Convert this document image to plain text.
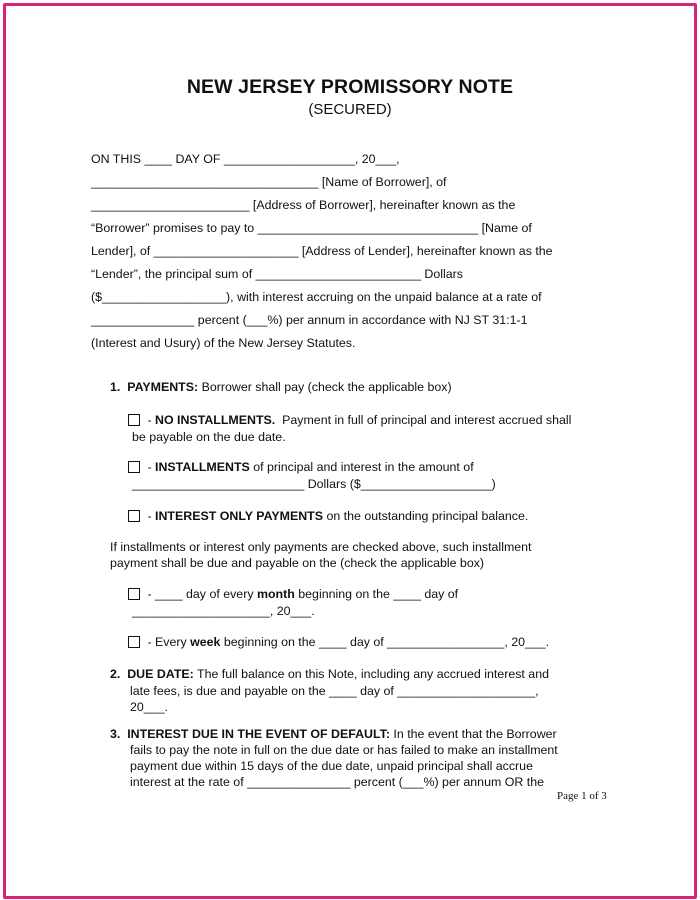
NEW JERSEY PROMISSORY NOTE
(SECURED)
ON THIS ____ DAY OF ___________________, 20___,
_________________________________ [Name of Borrower], of
_______________________ [Address of Borrower], hereinafter known as the
“Borrower” promises to pay to ________________________________ [Name of
Lender], of _____________________ [Address of Lender], hereinafter known as the
“Lender”, the principal sum of ________________________ Dollars
($__________________), with interest accruing on the unpaid balance at a rate of
_______________ percent (___%) per annum in accordance with NJ ST 31:1-1
(Interest and Usury) of the New Jersey Statutes.
1. PAYMENTS: Borrower shall pay (check the applicable box)
- NO INSTALLMENTS.  Payment in full of principal and interest accrued shall
be payable on the due date.
- INSTALLMENTS of principal and interest in the amount of
_________________________ Dollars ($___________________)
- INTEREST ONLY PAYMENTS on the outstanding principal balance.
If installments or interest only payments are checked above, such installment
payment shall be due and payable on the (check the applicable box)
- ____ day of every month beginning on the ____ day of
____________________, 20___.
- Every week beginning on the ____ day of _________________, 20___.
2. DUE DATE: The full balance on this Note, including any accrued interest and
late fees, is due and payable on the ____ day of ____________________,
20___.
3. INTEREST DUE IN THE EVENT OF DEFAULT: In the event that the Borrower
fails to pay the note in full on the due date or has failed to make an installment
payment due within 15 days of the due date, unpaid principal shall accrue
interest at the rate of _______________ percent (___%) per annum OR the
Page 1 of 3
